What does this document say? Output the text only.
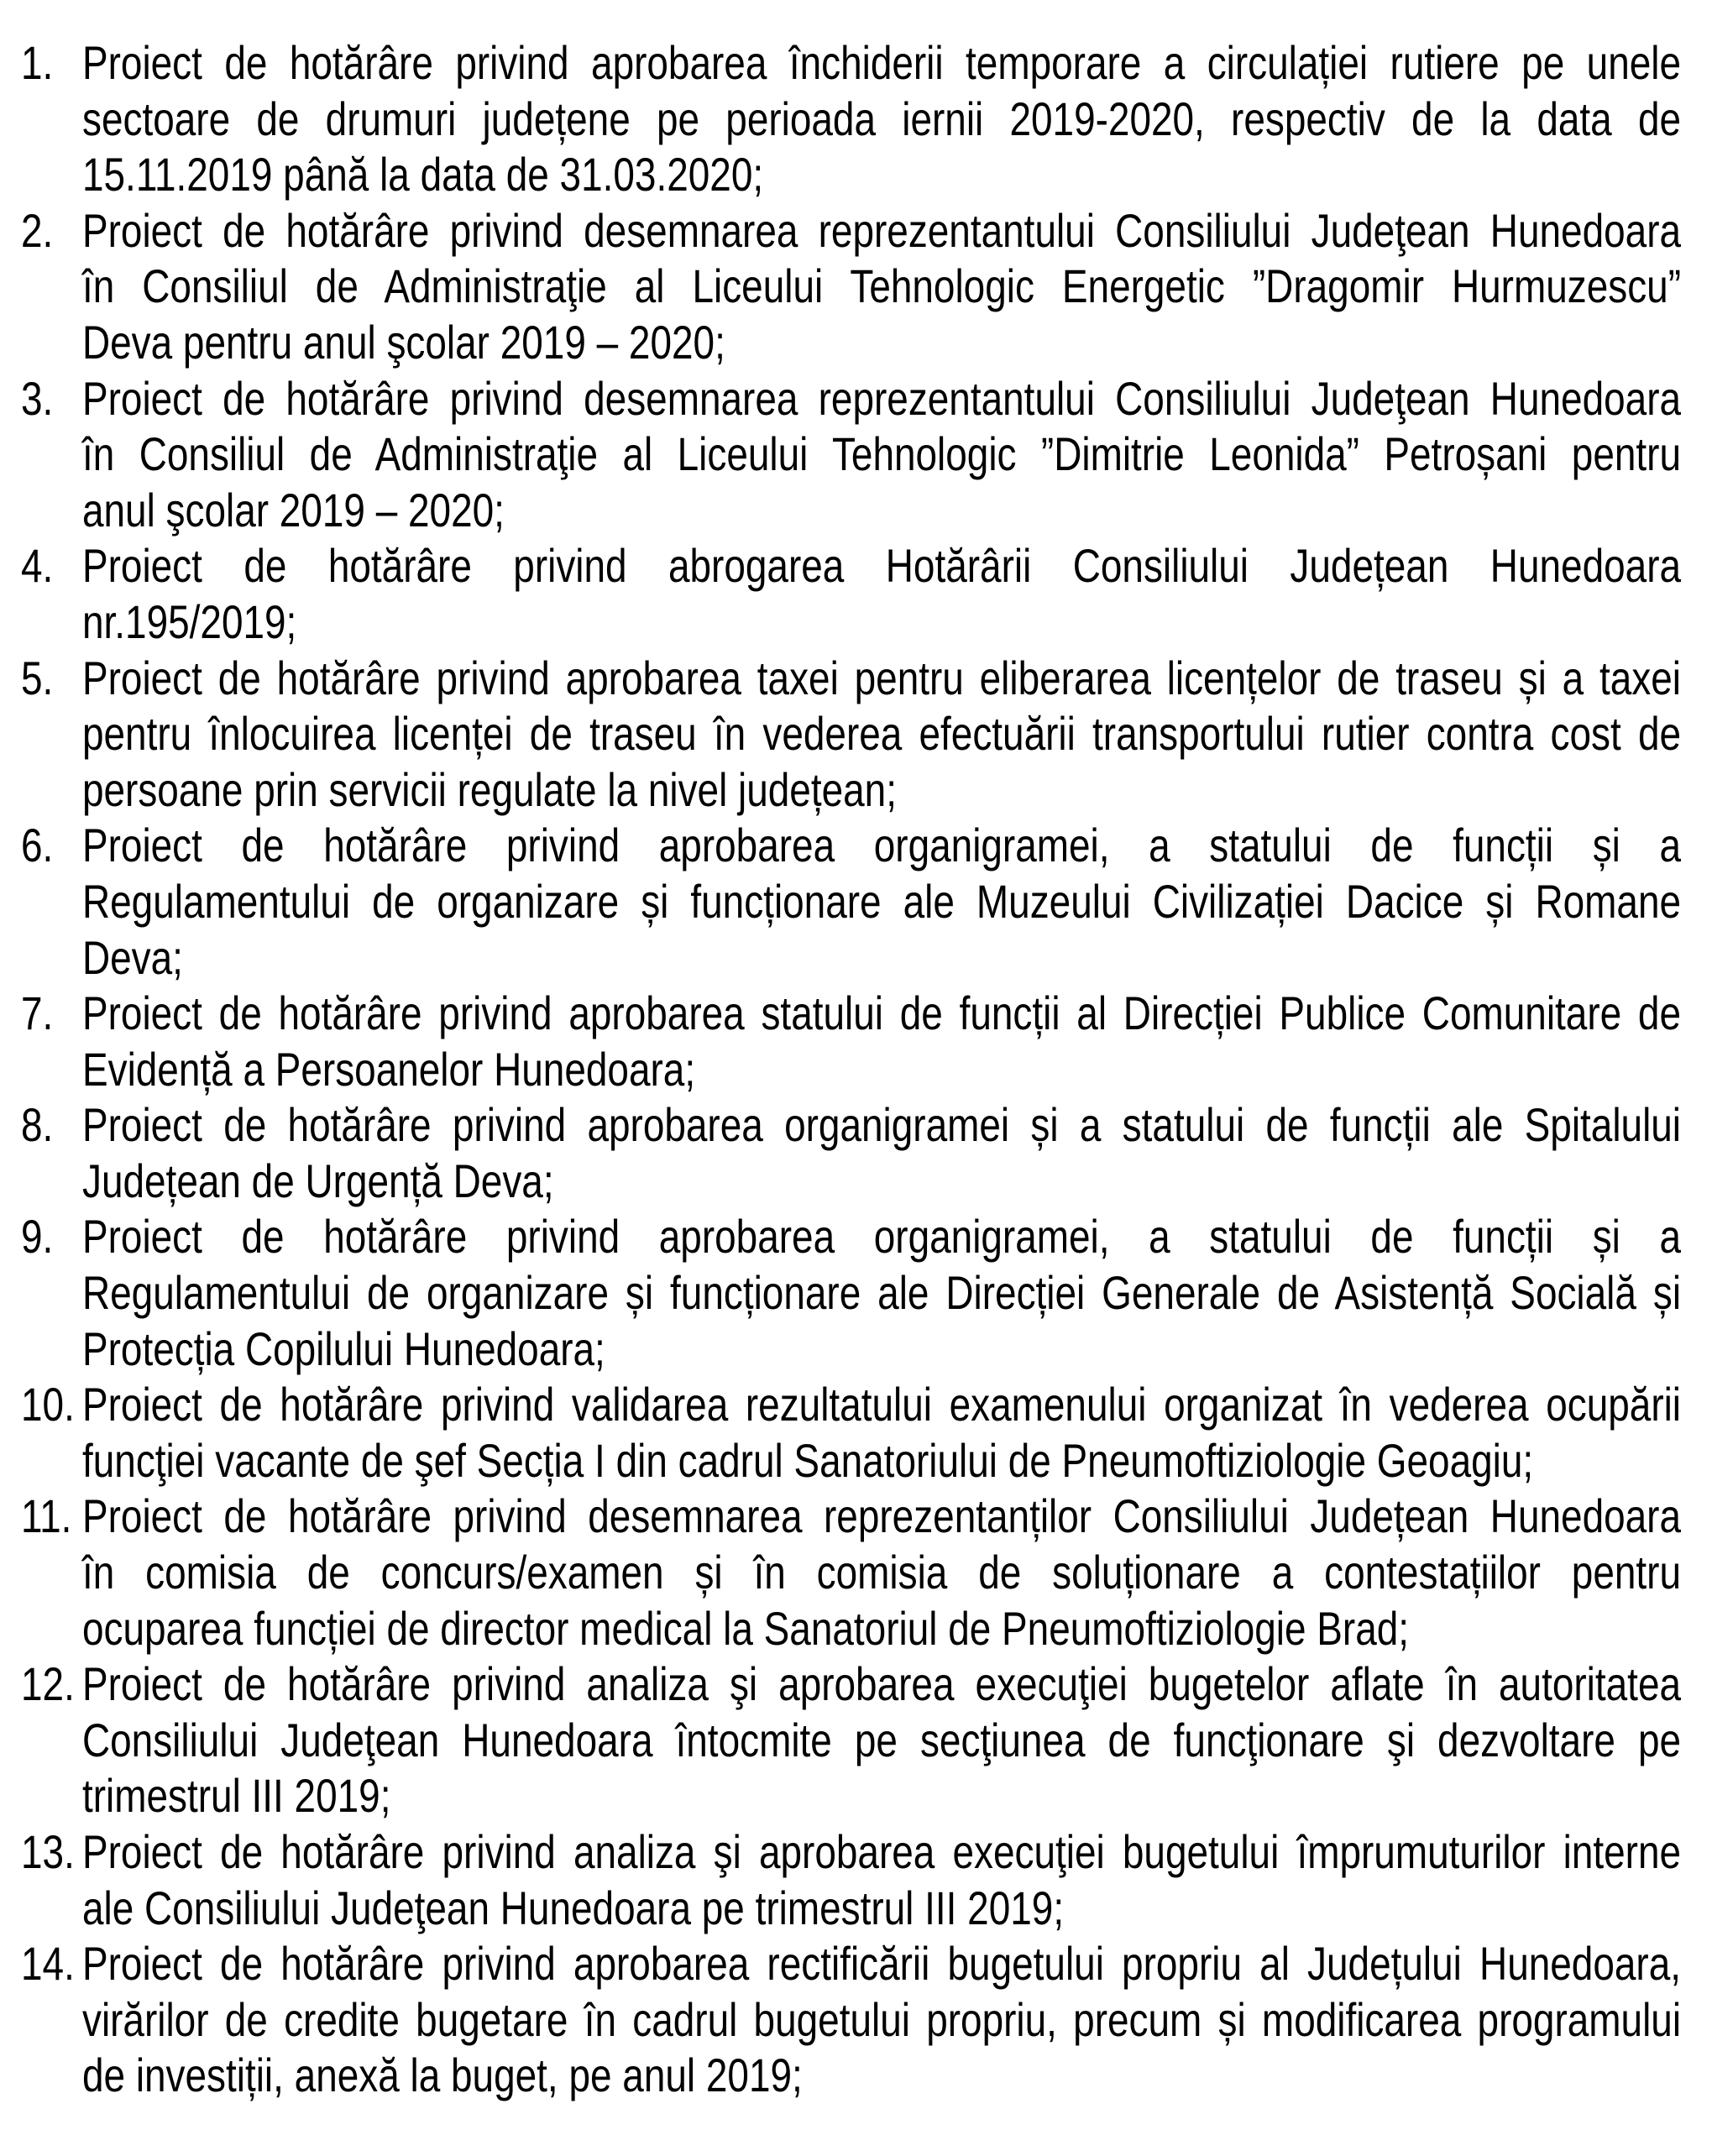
1. Proiect de hotărâre privind aprobarea închiderii temporare a circulației rutiere pe unele
sectoare de drumuri județene pe perioada iernii 2019-2020, respectiv de la data de
15.11.2019 până la data de 31.03.2020;
2. Proiect de hotărâre privind desemnarea reprezentantului Consiliului Judeţean Hunedoara
în Consiliul de Administraţie al Liceului Tehnologic Energetic ”Dragomir Hurmuzescu”
Deva pentru anul şcolar 2019 – 2020;
3. Proiect de hotărâre privind desemnarea reprezentantului Consiliului Judeţean Hunedoara
în Consiliul de Administraţie al Liceului Tehnologic ”Dimitrie Leonida” Petroșani pentru
anul şcolar 2019 – 2020;
4. Proiect de hotărâre privind abrogarea Hotărârii Consiliului Județean Hunedoara
nr.195/2019;
5. Proiect de hotărâre privind aprobarea taxei pentru eliberarea licențelor de traseu și a taxei
pentru înlocuirea licenței de traseu în vederea efectuării transportului rutier contra cost de
persoane prin servicii regulate la nivel județean;
6. Proiect de hotărâre privind aprobarea organigramei, a statului de funcții și a
Regulamentului de organizare și funcționare ale Muzeului Civilizației Dacice și Romane
Deva;
7. Proiect de hotărâre privind aprobarea statului de funcții al Direcției Publice Comunitare de
Evidență a Persoanelor Hunedoara;
8. Proiect de hotărâre privind aprobarea organigramei și a statului de funcții ale Spitalului
Județean de Urgență Deva;
9. Proiect de hotărâre privind aprobarea organigramei, a statului de funcții și a
Regulamentului de organizare și funcționare ale Direcției Generale de Asistență Socială și
Protecția Copilului Hunedoara;
10. Proiect de hotărâre privind validarea rezultatului examenului organizat în vederea ocupării
funcţiei vacante de şef Secția I din cadrul Sanatoriului de Pneumoftiziologie Geoagiu;
11. Proiect de hotărâre privind desemnarea reprezentanților Consiliului Județean Hunedoara
în comisia de concurs/examen și în comisia de soluționare a contestațiilor pentru
ocuparea funcției de director medical la Sanatoriul de Pneumoftiziologie Brad;
12. Proiect de hotărâre privind analiza şi aprobarea execuţiei bugetelor aflate în autoritatea
Consiliului Judeţean Hunedoara întocmite pe secţiunea de funcţionare şi dezvoltare pe
trimestrul III 2019;
13. Proiect de hotărâre privind analiza şi aprobarea execuţiei bugetului împrumuturilor interne
ale Consiliului Judeţean Hunedoara pe trimestrul III 2019;
14. Proiect de hotărâre privind aprobarea rectificării bugetului propriu al Județului Hunedoara,
virărilor de credite bugetare în cadrul bugetului propriu, precum și modificarea programului
de investiții, anexă la buget, pe anul 2019;
